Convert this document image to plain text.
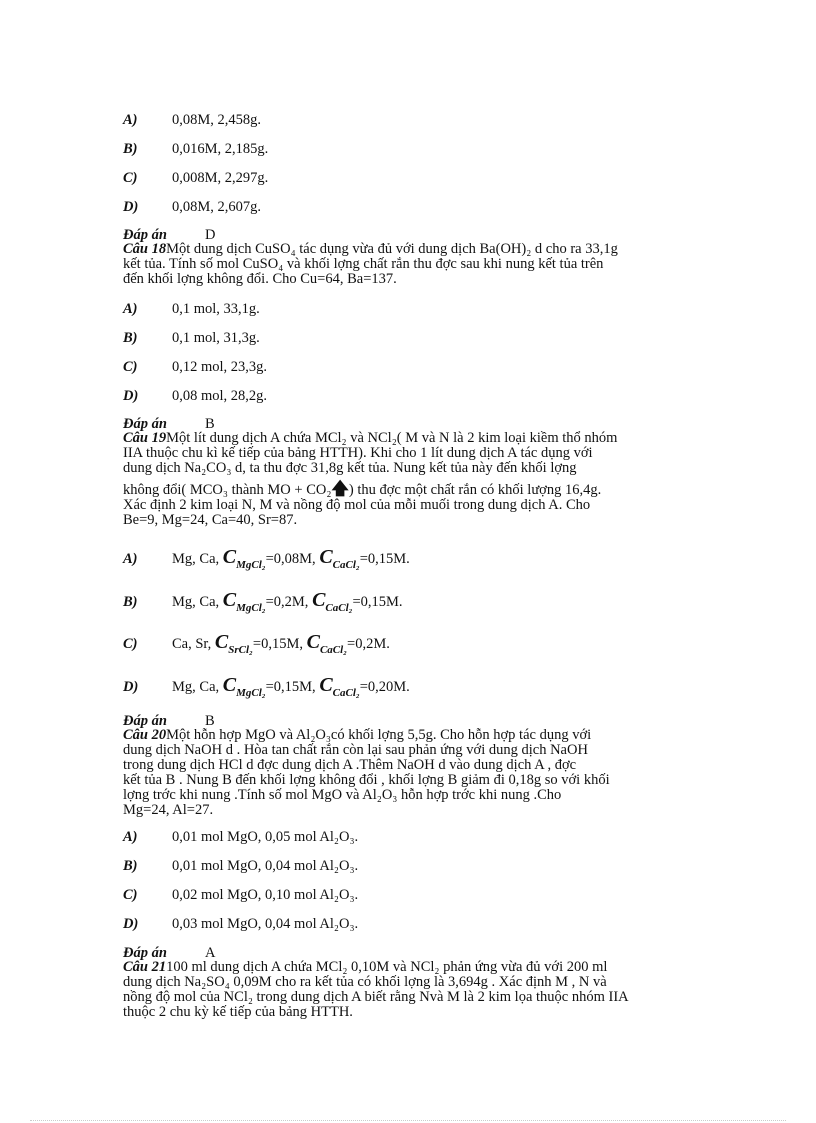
A) 0,08M, 2,458g.
B) 0,016M, 2,185g.
C) 0,008M, 2,297g.
D) 0,08M, 2,607g.
Đáp án	D
Câu 18Một dung dịch CuSO₄ tác dụng vừa đủ với dung dịch Ba(OH)₂ d cho ra 33,1g
kết tủa. Tính số mol CuSO₄ và khối lợng chất rắn thu đợc sau khi nung kết tủa trên
đến khối lợng không đổi. Cho Cu=64, Ba=137.
A) 0,1 mol, 33,1g.
B) 0,1 mol, 31,3g.
C) 0,12 mol, 23,3g.
D) 0,08 mol, 28,2g.
Đáp án	B
Câu 19Một lít dung dịch A chứa MCl₂ và NCl₂( M và N là 2 kim loại kiềm thổ nhóm
IIA thuộc chu kì kế tiếp của bảng HTTH). Khi cho 1 lít dung dịch A tác dụng với
dung dịch Na₂CO₃ d, ta thu đợc 31,8g kết tủa. Nung kết tủa này đến khối lợng
không đổi( MCO₃ thành MO + CO₂🡅) thu đợc một chất rắn có khối lượng 16,4g.
Xác định 2 kim loại N, M và nồng độ mol của mỗi muối trong dung dịch A. Cho
Be=9, Mg=24, Ca=40, Sr=87.
A) Mg, Ca, $C_{MgCl_2}=0,08M$, $C_{CaCl_2}=0,15M$.
B) Mg, Ca, $C_{MgCl_2}=0,2M$, $C_{CaCl_2}=0,15M$.
C) Ca, Sr, $C_{SrCl_2}=0,15M$, $C_{CaCl_2}=0,2M$.
D) Mg, Ca, $C_{MgCl_2}=0,15M$, $C_{CaCl_2}=0,20M$.
Đáp án	B
Câu 20Một hỗn hợp MgO và Al₂O₃có khối lợng 5,5g. Cho hỗn hợp tác dụng với
dung dịch NaOH d . Hòa tan chất rắn còn lại sau phản ứng với dung dịch NaOH
trong dung dịch HCl d đợc dung dịch A .Thêm NaOH d vào dung dịch A , đợc
kết tủa B . Nung B đến khối lợng không đổi , khối lợng B giảm đi 0,18g so với khối
lợng trớc khi nung .Tính số mol MgO và Al₂O₃ hỗn hợp trớc khi nung .Cho
Mg=24, Al=27.
A) 0,01 mol MgO, 0,05 mol Al₂O₃.
B) 0,01 mol MgO, 0,04 mol Al₂O₃.
C) 0,02 mol MgO, 0,10 mol Al₂O₃.
D) 0,03 mol MgO, 0,04 mol Al₂O₃.
Đáp án	A
Câu 21100 ml dung dịch A chứa MCl₂ 0,10M và NCl₂ phản ứng vừa đủ với 200 ml
dung dịch Na₂SO₄ 0,09M cho ra kết tủa có khối lợng là 3,694g . Xác định M , N và
nồng độ mol của NCl₂ trong dung dịch A biết rằng Nvà M là 2 kim lọa thuộc nhóm IIA
thuộc 2 chu kỳ kế tiếp của bảng HTTH.
